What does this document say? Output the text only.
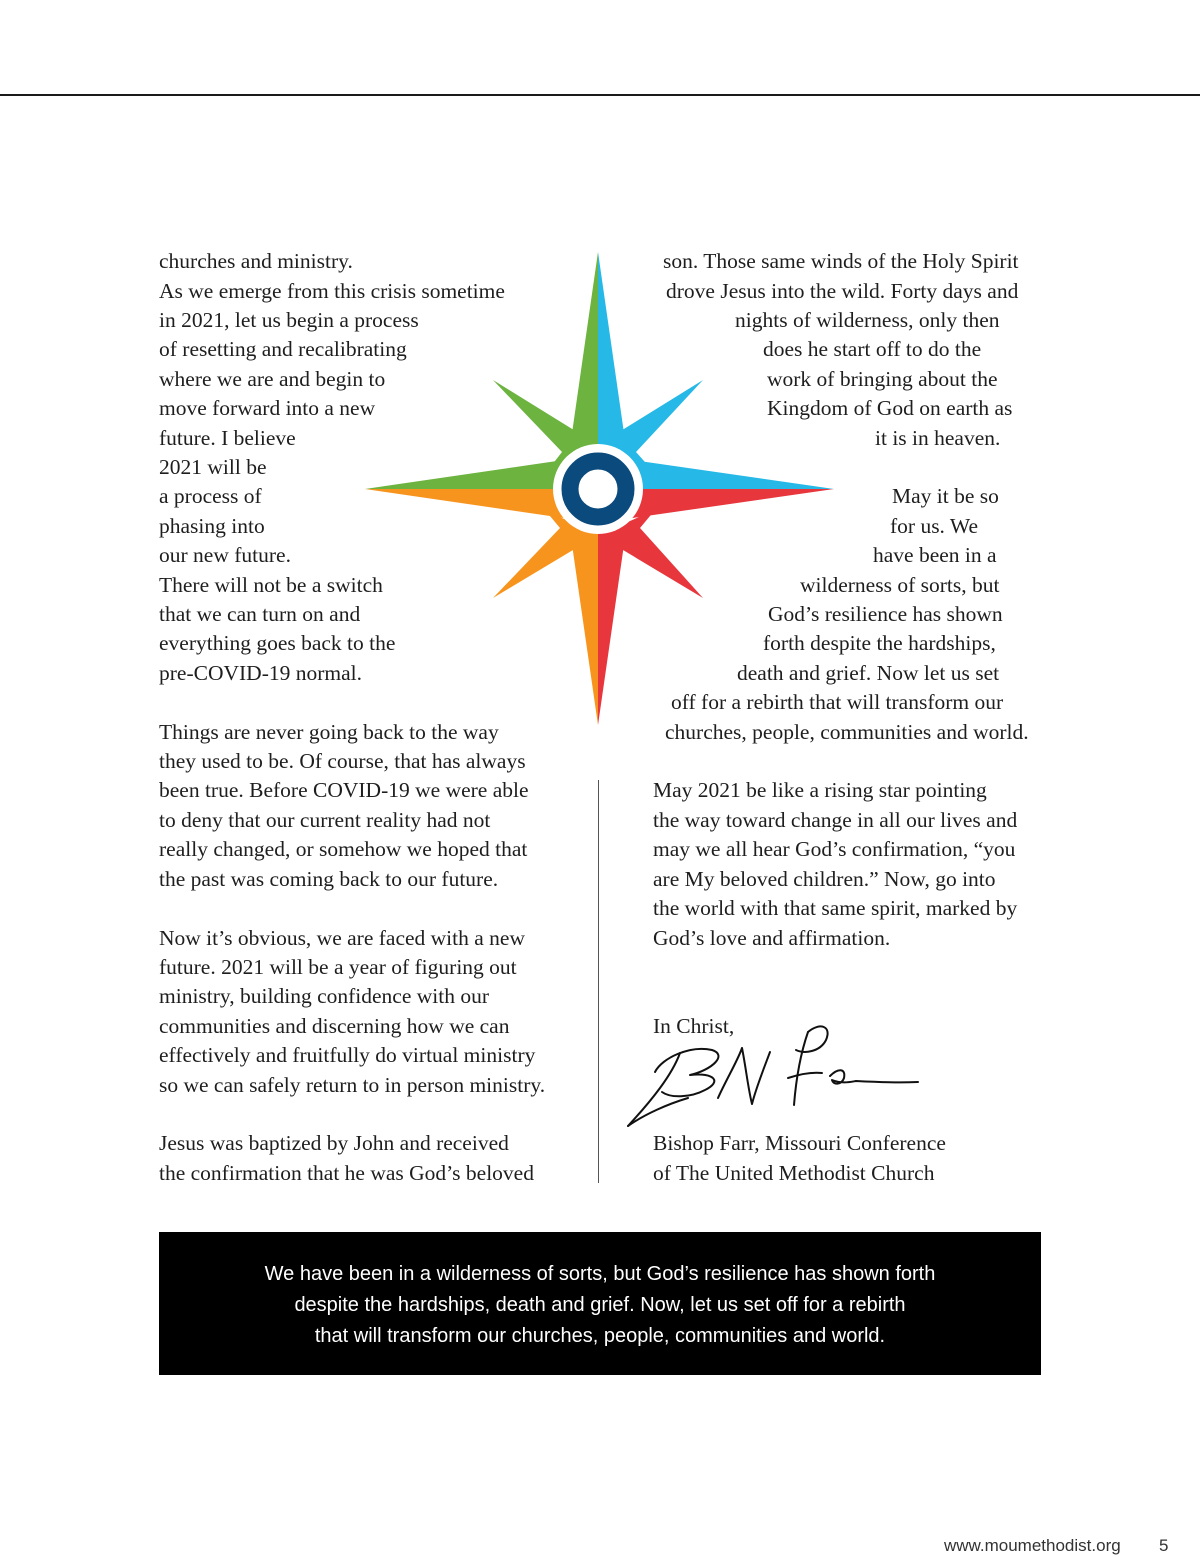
churches and ministry.
As we emerge from this crisis sometime
in 2021, let us begin a process
of resetting and recalibrating
where we are and begin to
move forward into a new
future. I believe
2021 will be
a process of
phasing into
our new future.
There will not be a switch
that we can turn on and
everything goes back to the
pre-COVID-19 normal.
Things are never going back to the way
they used to be. Of course, that has always
been true. Before COVID-19 we were able
to deny that our current reality had not
really changed, or somehow we hoped that
the past was coming back to our future.
Now it’s obvious, we are faced with a new
future. 2021 will be a year of figuring out
ministry, building confidence with our
communities and discerning how we can
effectively and fruitfully do virtual ministry
so we can safely return to in person ministry.
Jesus was baptized by John and received
the confirmation that he was God’s beloved
son. Those same winds of the Holy Spirit
drove Jesus into the wild. Forty days and
nights of wilderness, only then
does he start off to do the
work of bringing about the
Kingdom of God on earth as
it is in heaven.
May it be so
for us. We
have been in a
wilderness of sorts, but
God’s resilience has shown
forth despite the hardships,
death and grief. Now let us set
off for a rebirth that will transform our
churches, people, communities and world.
May 2021 be like a rising star pointing
the way toward change in all our lives and
may we all hear God’s confirmation, “you
are My beloved children.” Now, go into
the world with that same spirit, marked by
God’s love and affirmation.
In Christ,
Bishop Farr, Missouri Conference
of The United Methodist Church
We have been in a wilderness of sorts, but God’s resilience has shown forth
despite the hardships, death and grief. Now, let us set off for a rebirth
that will transform our churches, people, communities and world.
www.moumethodist.org 5
